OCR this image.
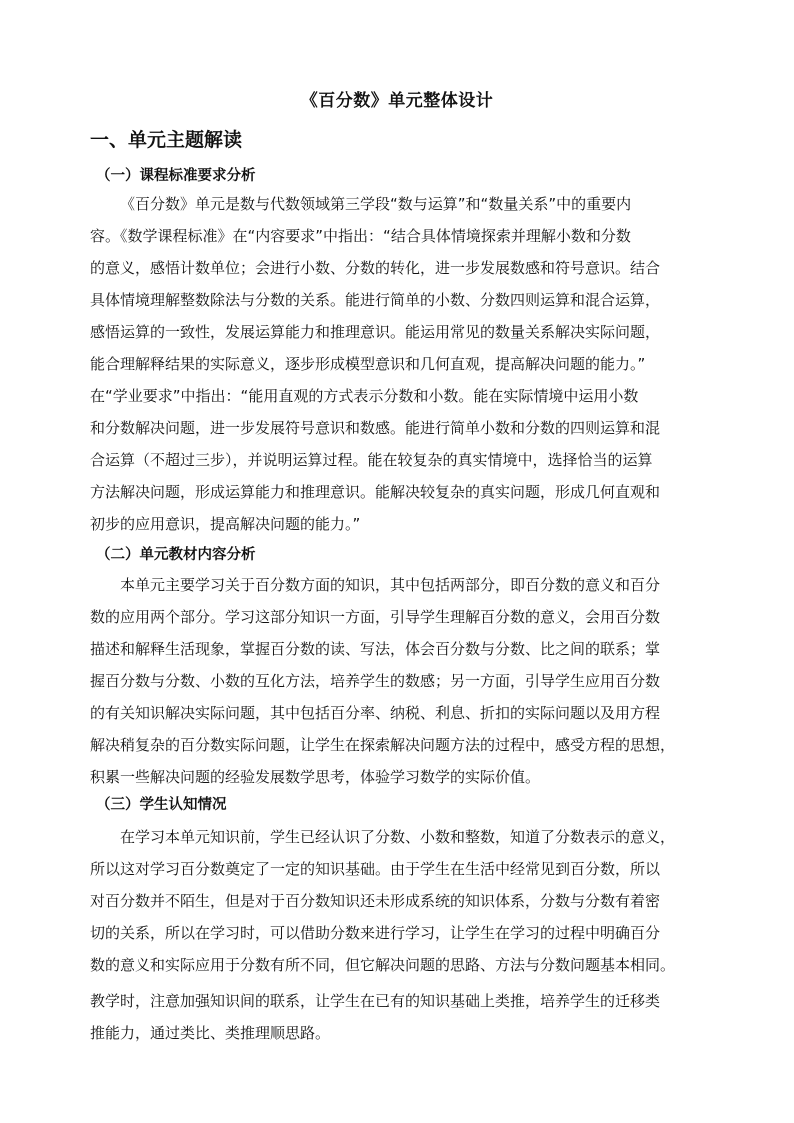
《百分数》单元整体设计
一、单元主题解读
（一）课程标准要求分析
《百分数》单元是数与代数领域第三学段“数与运算”和“数量关系”中的重要内
容。《数学课程标准》在“内容要求”中指出：“结合具体情境探索并理解小数和分数
的意义，感悟计数单位；会进行小数、分数的转化，进一步发展数感和符号意识。结合
具体情境理解整数除法与分数的关系。能进行简单的小数、分数四则运算和混合运算，
感悟运算的一致性，发展运算能力和推理意识。能运用常见的数量关系解决实际问题，
能合理解释结果的实际意义，逐步形成模型意识和几何直观，提高解决问题的能力。”
在“学业要求”中指出：“能用直观的方式表示分数和小数。能在实际情境中运用小数
和分数解决问题，进一步发展符号意识和数感。能进行简单小数和分数的四则运算和混
合运算（不超过三步），并说明运算过程。能在较复杂的真实情境中，选择恰当的运算
方法解决问题，形成运算能力和推理意识。能解决较复杂的真实问题，形成几何直观和
初步的应用意识，提高解决问题的能力。”
（二）单元教材内容分析
本单元主要学习关于百分数方面的知识，其中包括两部分，即百分数的意义和百分
数的应用两个部分。学习这部分知识一方面，引导学生理解百分数的意义，会用百分数
描述和解释生活现象，掌握百分数的读、写法，体会百分数与分数、比之间的联系；掌
握百分数与分数、小数的互化方法，培养学生的数感；另一方面，引导学生应用百分数
的有关知识解决实际问题，其中包括百分率、纳税、利息、折扣的实际问题以及用方程
解决稍复杂的百分数实际问题，让学生在探索解决问题方法的过程中，感受方程的思想，
积累一些解决问题的经验发展数学思考，体验学习数学的实际价值。
（三）学生认知情况
在学习本单元知识前，学生已经认识了分数、小数和整数，知道了分数表示的意义，
所以这对学习百分数奠定了一定的知识基础。由于学生在生活中经常见到百分数，所以
对百分数并不陌生，但是对于百分数知识还未形成系统的知识体系，分数与分数有着密
切的关系，所以在学习时，可以借助分数来进行学习，让学生在学习的过程中明确百分
数的意义和实际应用于分数有所不同，但它解决问题的思路、方法与分数问题基本相同。
教学时，注意加强知识间的联系，让学生在已有的知识基础上类推，培养学生的迁移类
推能力，通过类比、类推理顺思路。
